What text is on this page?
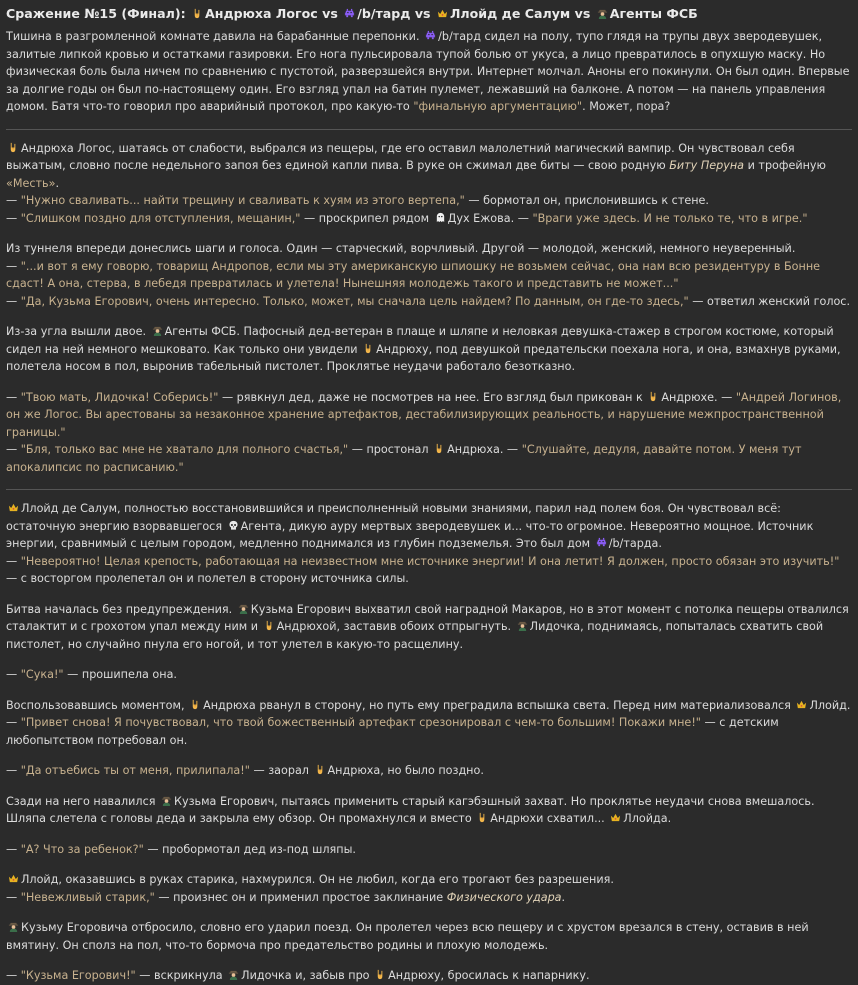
Сражение №15 (Финал): Андрюха Логос vs /b/тард vs Ллойд де Салум vs Агенты ФСБ
Тишина в разгромленной комнате давила на барабанные перепонки. /b/тард сидел на полу, тупо глядя на трупы двух зверодевушек, залитые липкой кровью и остатками газировки. Его нога пульсировала тупой болью от укуса, а лицо превратилось в опухшую маску. Но физическая боль была ничем по сравнению с пустотой, разверзшейся внутри. Интернет молчал. Аноны его покинули. Он был один. Впервые за долгие годы он был по-настоящему один. Его взгляд упал на батин пулемет, лежавший на балконе. А потом — на панель управления домом. Батя что-то говорил про аварийный протокол, про какую-то "финальную аргументацию". Может, пора?
Андрюха Логос, шатаясь от слабости, выбрался из пещеры, где его оставил малолетний магический вампир. Он чувствовал себя выжатым, словно после недельного запоя без единой капли пива. В руке он сжимал две биты — свою родную Биту Перуна и трофейную «Месть».
— "Нужно сваливать... найти трещину и сваливать к хуям из этого вертепа," — бормотал он, прислонившись к стене.
— "Слишком поздно для отступления, мещанин," — проскрипел рядом Дух Ежова. — "Враги уже здесь. И не только те, что в игре."
Из туннеля впереди донеслись шаги и голоса. Один — старческий, ворчливый. Другой — молодой, женский, немного неуверенный.
— "...и вот я ему говорю, товарищ Андропов, если мы эту американскую шпиошку не возьмем сейчас, она нам всю резидентуру в Бонне сдаст! А она, стерва, в лебедя превратилась и улетела! Нынешняя молодежь такого и представить не может..."
— "Да, Кузьма Егорович, очень интересно. Только, может, мы сначала цель найдем? По данным, он где-то здесь," — ответил женский голос.
Из-за угла вышли двое. Агенты ФСБ. Пафосный дед-ветеран в плаще и шляпе и неловкая девушка-стажер в строгом костюме, который сидел на ней немного мешковато. Как только они увидели Андрюху, под девушкой предательски поехала нога, и она, взмахнув руками, полетела носом в пол, выронив табельный пистолет. Проклятье неудачи работало безотказно.
— "Твою мать, Лидочка! Соберись!" — рявкнул дед, даже не посмотрев на нее. Его взгляд был прикован к Андрюхе. — "Андрей Логинов, он же Логос. Вы арестованы за незаконное хранение артефактов, дестабилизирующих реальность, и нарушение межпространственной границы."
— "Бля, только вас мне не хватало для полного счастья," — простонал Андрюха. — "Слушайте, дедуля, давайте потом. У меня тут апокалипсис по расписанию."
Ллойд де Салум, полностью восстановившийся и преисполненный новыми знаниями, парил над полем боя. Он чувствовал всё: остаточную энергию взорвавшегося Агента, дикую ауру мертвых зверодевушек и... что-то огромное. Невероятно мощное. Источник энергии, сравнимый с целым городом, медленно поднимался из глубин подземелья. Это был дом /b/тарда.
— "Невероятно! Целая крепость, работающая на неизвестном мне источнике энергии! И она летит! Я должен, просто обязан это изучить!" — с восторгом пролепетал он и полетел в сторону источника силы.
Битва началась без предупреждения. Кузьма Егорович выхватил свой наградной Макаров, но в этот момент с потолка пещеры отвалился сталактит и с грохотом упал между ним и Андрюхой, заставив обоих отпрыгнуть. Лидочка, поднимаясь, попыталась схватить свой пистолет, но случайно пнула его ногой, и тот улетел в какую-то расщелину.
— "Сука!" — прошипела она.
Воспользовавшись моментом, Андрюха рванул в сторону, но путь ему преградила вспышка света. Перед ним материализовался Ллойд.
— "Привет снова! Я почувствовал, что твой божественный артефакт срезонировал с чем-то большим! Покажи мне!" — с детским любопытством потребовал он.
— "Да отъебись ты от меня, прилипала!" — заорал Андрюха, но было поздно.
Сзади на него навалился Кузьма Егорович, пытаясь применить старый кагэбэшный захват. Но проклятье неудачи снова вмешалось. Шляпа слетела с головы деда и закрыла ему обзор. Он промахнулся и вместо Андрюхи схватил... Ллойда.
— "А? Что за ребенок?" — пробормотал дед из-под шляпы.
Ллойд, оказавшись в руках старика, нахмурился. Он не любил, когда его трогают без разрешения.
— "Невежливый старик," — произнес он и применил простое заклинание Физического удара.
Кузьму Егоровича отбросило, словно его ударил поезд. Он пролетел через всю пещеру и с хрустом врезался в стену, оставив в ней вмятину. Он сполз на пол, что-то бормоча про предательство родины и плохую молодежь.
— "Кузьма Егорович!" — вскрикнула Лидочка и, забыв про Андрюху, бросилась к напарнику.
